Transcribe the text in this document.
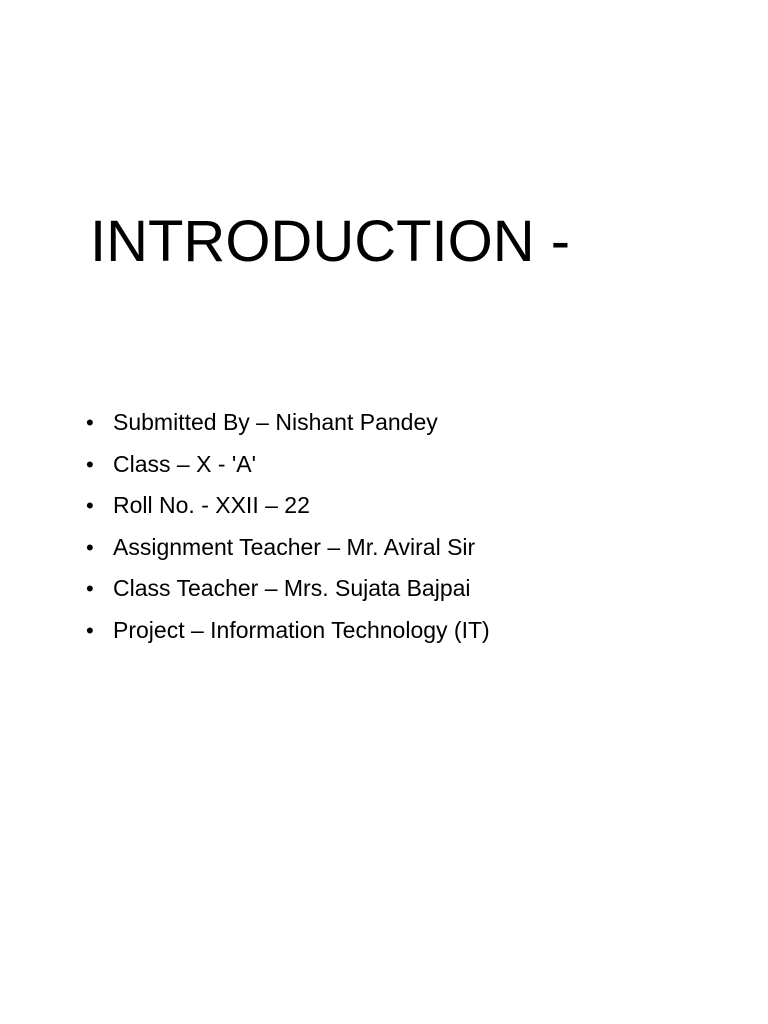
INTRODUCTION -
• Submitted By – Nishant Pandey
• Class – X - 'A'
• Roll No. - XXII – 22
• Assignment Teacher – Mr. Aviral Sir
• Class Teacher – Mrs. Sujata Bajpai
• Project – Information Technology (IT)
